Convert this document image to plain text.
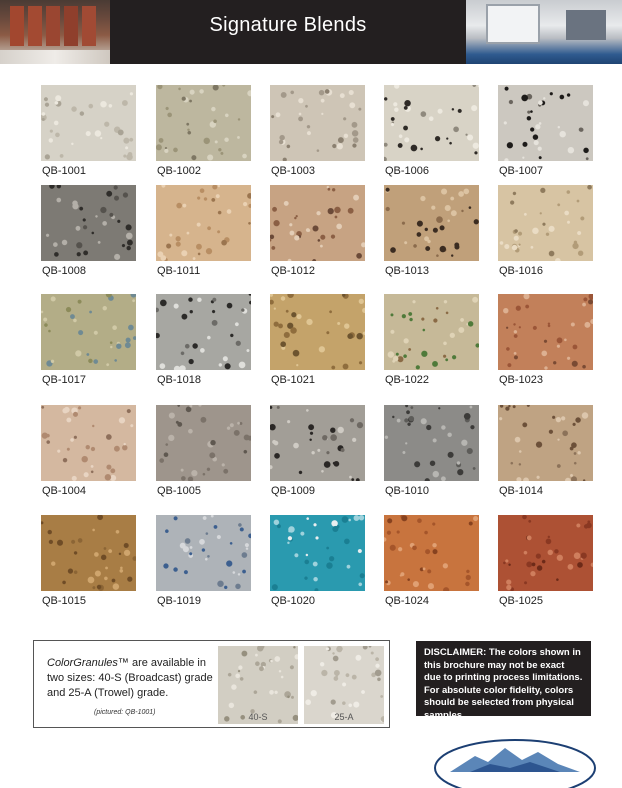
Signature Blends
QB-1001	QB-1002	QB-1003	QB-1006	QB-1007
QB-1008	QB-1011	QB-1012	QB-1013	QB-1016
QB-1017	QB-1018	QB-1021	QB-1022	QB-1023
QB-1004	QB-1005	QB-1009	QB-1010	QB-1014
QB-1015	QB-1019	QB-1020	QB-1024	QB-1025
ColorGranules™ are available in two sizes: 40-S (Broadcast) grade and 25-A (Trowel) grade.
(pictured: QB-1001)	40-S	25-A
DISCLAIMER: The colors shown in this brochure may not be exact due to printing process limitations. For absolute color fidelity, colors should be selected from physical samples.
